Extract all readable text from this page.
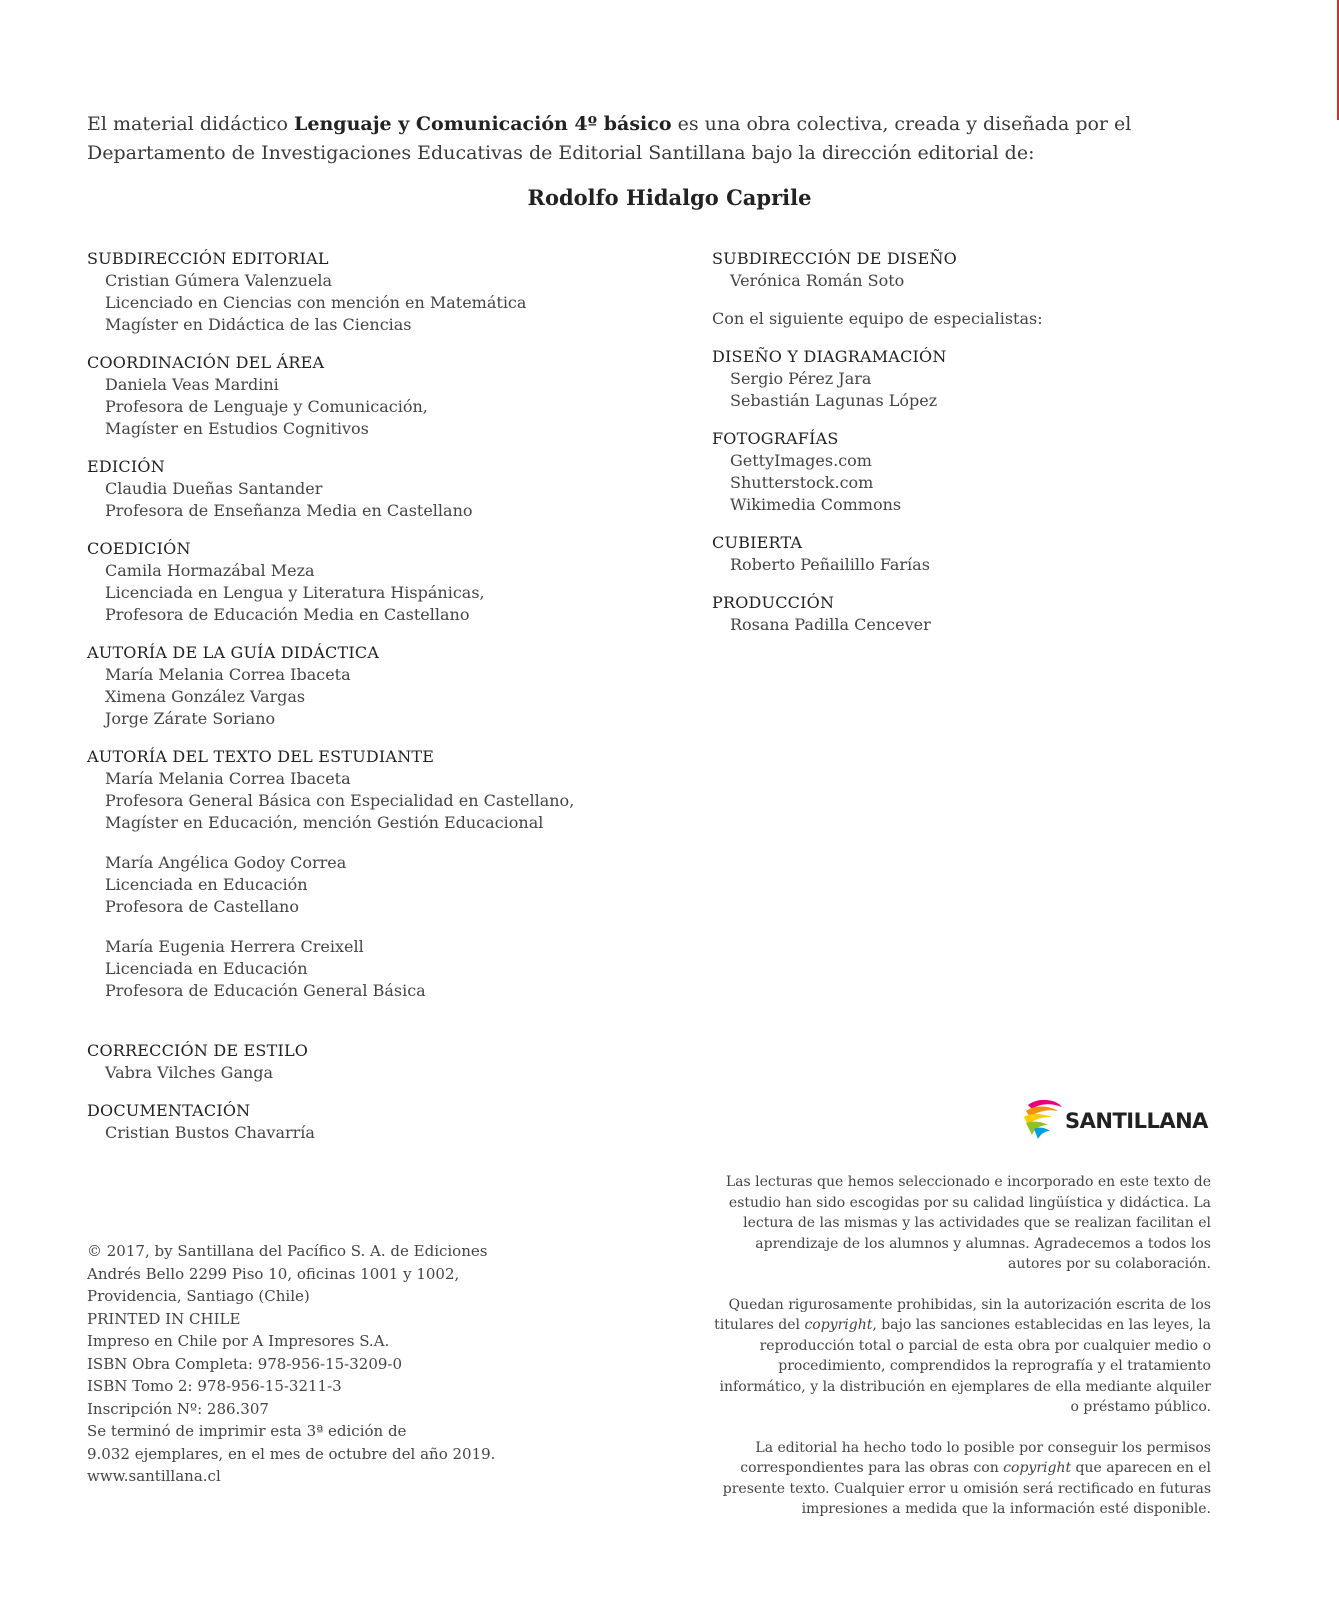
El material didáctico Lenguaje y Comunicación 4º básico es una obra colectiva, creada y diseñada por el Departamento de Investigaciones Educativas de Editorial Santillana bajo la dirección editorial de:
Rodolfo Hidalgo Caprile
SUBDIRECCIÓN EDITORIAL
Cristian Gúmera Valenzuela
Licenciado en Ciencias con mención en Matemática
Magíster en Didáctica de las Ciencias
COORDINACIÓN DEL ÁREA
Daniela Veas Mardini
Profesora de Lenguaje y Comunicación,
Magíster en Estudios Cognitivos
EDICIÓN
Claudia Dueñas Santander
Profesora de Enseñanza Media en Castellano
COEDICIÓN
Camila Hormazábal Meza
Licenciada en Lengua y Literatura Hispánicas,
Profesora de Educación Media en Castellano
AUTORÍA DE LA GUÍA DIDÁCTICA
María Melania Correa Ibaceta
Ximena González Vargas
Jorge Zárate Soriano
AUTORÍA DEL TEXTO DEL ESTUDIANTE
María Melania Correa Ibaceta
Profesora General Básica con Especialidad en Castellano,
Magíster en Educación, mención Gestión Educacional
María Angélica Godoy Correa
Licenciada en Educación
Profesora de Castellano
María Eugenia Herrera Creixell
Licenciada en Educación
Profesora de Educación General Básica
CORRECCIÓN DE ESTILO
Vabra Vilches Ganga
DOCUMENTACIÓN
Cristian Bustos Chavarría
SUBDIRECCIÓN DE DISEÑO
Verónica Román Soto
Con el siguiente equipo de especialistas:
DISEÑO Y DIAGRAMACIÓN
Sergio Pérez Jara
Sebastián Lagunas López
FOTOGRAFÍAS
GettyImages.com
Shutterstock.com
Wikimedia Commons
CUBIERTA
Roberto Peñailillo Farías
PRODUCCIÓN
Rosana Padilla Cencever
© 2017, by Santillana del Pacífico S. A. de Ediciones
Andrés Bello 2299 Piso 10, oficinas 1001 y 1002,
Providencia, Santiago (Chile)
PRINTED IN CHILE
Impreso en Chile por A Impresores S.A.
ISBN Obra Completa: 978-956-15-3209-0
ISBN Tomo 2: 978-956-15-3211-3
Inscripción Nº: 286.307
Se terminó de imprimir esta 3ª edición de
9.032 ejemplares, en el mes de octubre del año 2019.
www.santillana.cl
SANTILLANA
Las lecturas que hemos seleccionado e incorporado en este texto de estudio han sido escogidas por su calidad lingüística y didáctica. La lectura de las mismas y las actividades que se realizan facilitan el aprendizaje de los alumnos y alumnas. Agradecemos a todos los autores por su colaboración.
Quedan rigurosamente prohibidas, sin la autorización escrita de los titulares del copyright, bajo las sanciones establecidas en las leyes, la reproducción total o parcial de esta obra por cualquier medio o procedimiento, comprendidos la reprografía y el tratamiento informático, y la distribución en ejemplares de ella mediante alquiler o préstamo público.
La editorial ha hecho todo lo posible por conseguir los permisos correspondientes para las obras con copyright que aparecen en el presente texto. Cualquier error u omisión será rectificado en futuras impresiones a medida que la información esté disponible.
